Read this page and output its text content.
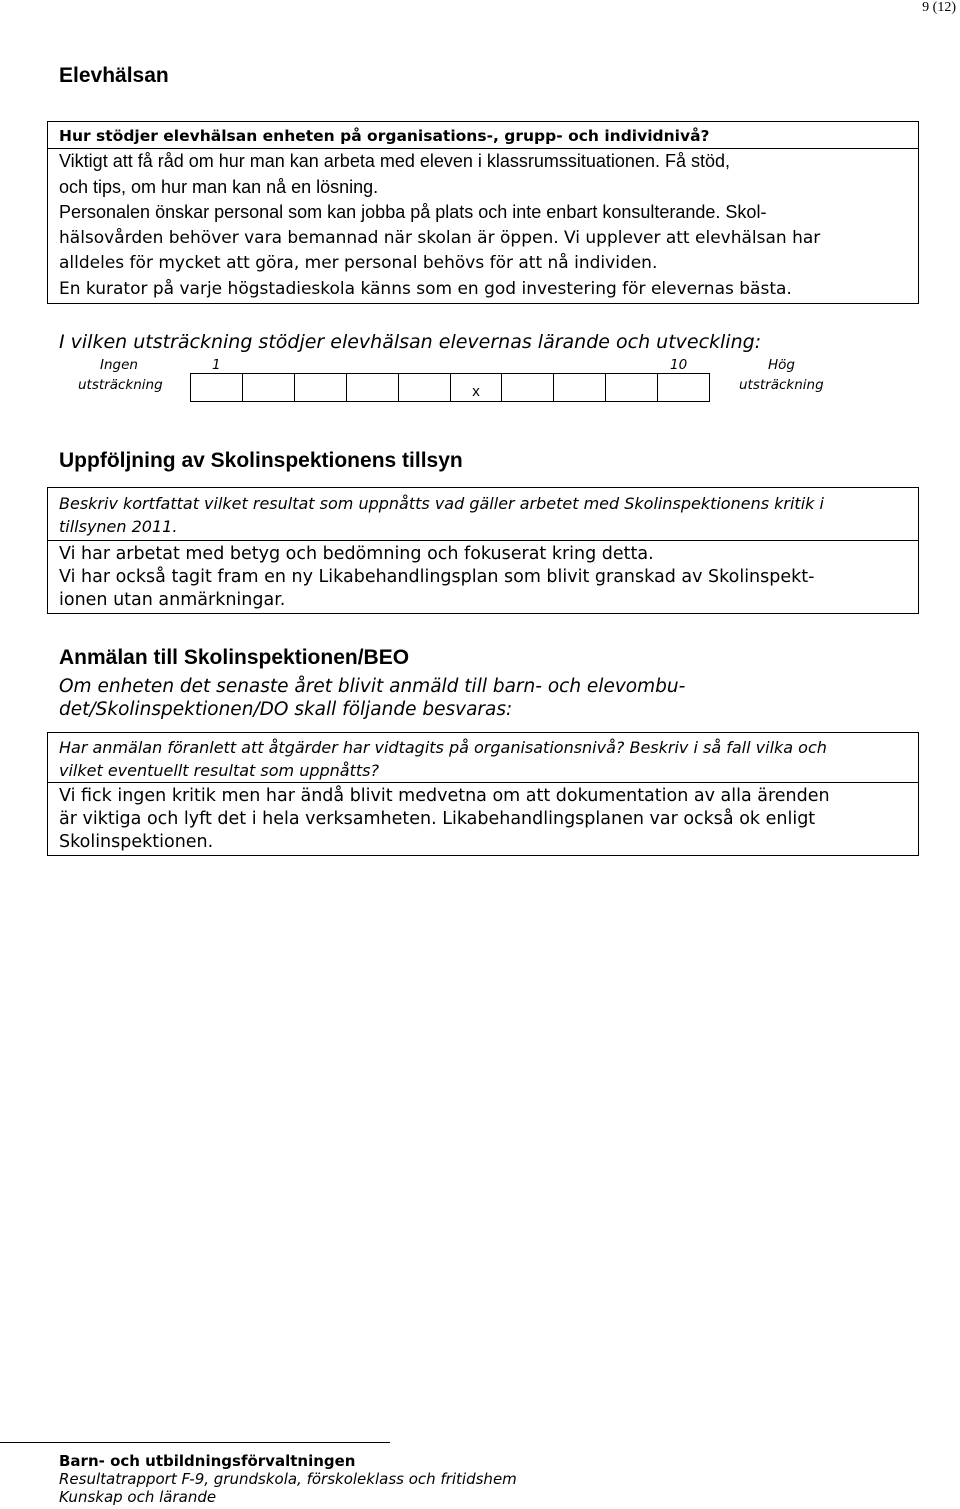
9 (12)
Elevhälsan
Hur stödjer elevhälsan enheten på organisations-, grupp- och individnivå?
Viktigt att få råd om hur man kan arbeta med eleven i klassrumssituationen. Få stöd,
och tips, om hur man kan nå en lösning.
Personalen önskar personal som kan jobba på plats och inte enbart konsulterande. Skol-
hälsovården behöver vara bemannad när skolan är öppen. Vi upplever att elevhälsan har
alldeles för mycket att göra, mer personal behövs för att nå individen.
En kurator på varje högstadieskola känns som en god investering för elevernas bästa.
I vilken utsträckning stödjer elevhälsan elevernas lärande och utveckling:
Ingen
utsträckning
1	10	Hög
utsträckning
x
Uppföljning av Skolinspektionens tillsyn
Beskriv kortfattat vilket resultat som uppnåtts vad gäller arbetet med Skolinspektionens kritik i
tillsynen 2011.
Vi har arbetat med betyg och bedömning och fokuserat kring detta.
Vi har också tagit fram en ny Likabehandlingsplan som blivit granskad av Skolinspekt-
ionen utan anmärkningar.
Anmälan till Skolinspektionen/BEO
Om enheten det senaste året blivit anmäld till barn- och elevombu-
det/Skolinspektionen/DO skall följande besvaras:
Har anmälan föranlett att åtgärder har vidtagits på organisationsnivå? Beskriv i så fall vilka och
vilket eventuellt resultat som uppnåtts?
Vi fick ingen kritik men har ändå blivit medvetna om att dokumentation av alla ärenden
är viktiga och lyft det i hela verksamheten. Likabehandlingsplanen var också ok enligt
Skolinspektionen.
Barn- och utbildningsförvaltningen
Resultatrapport F-9, grundskola, förskoleklass och fritidshem
Kunskap och lärande
